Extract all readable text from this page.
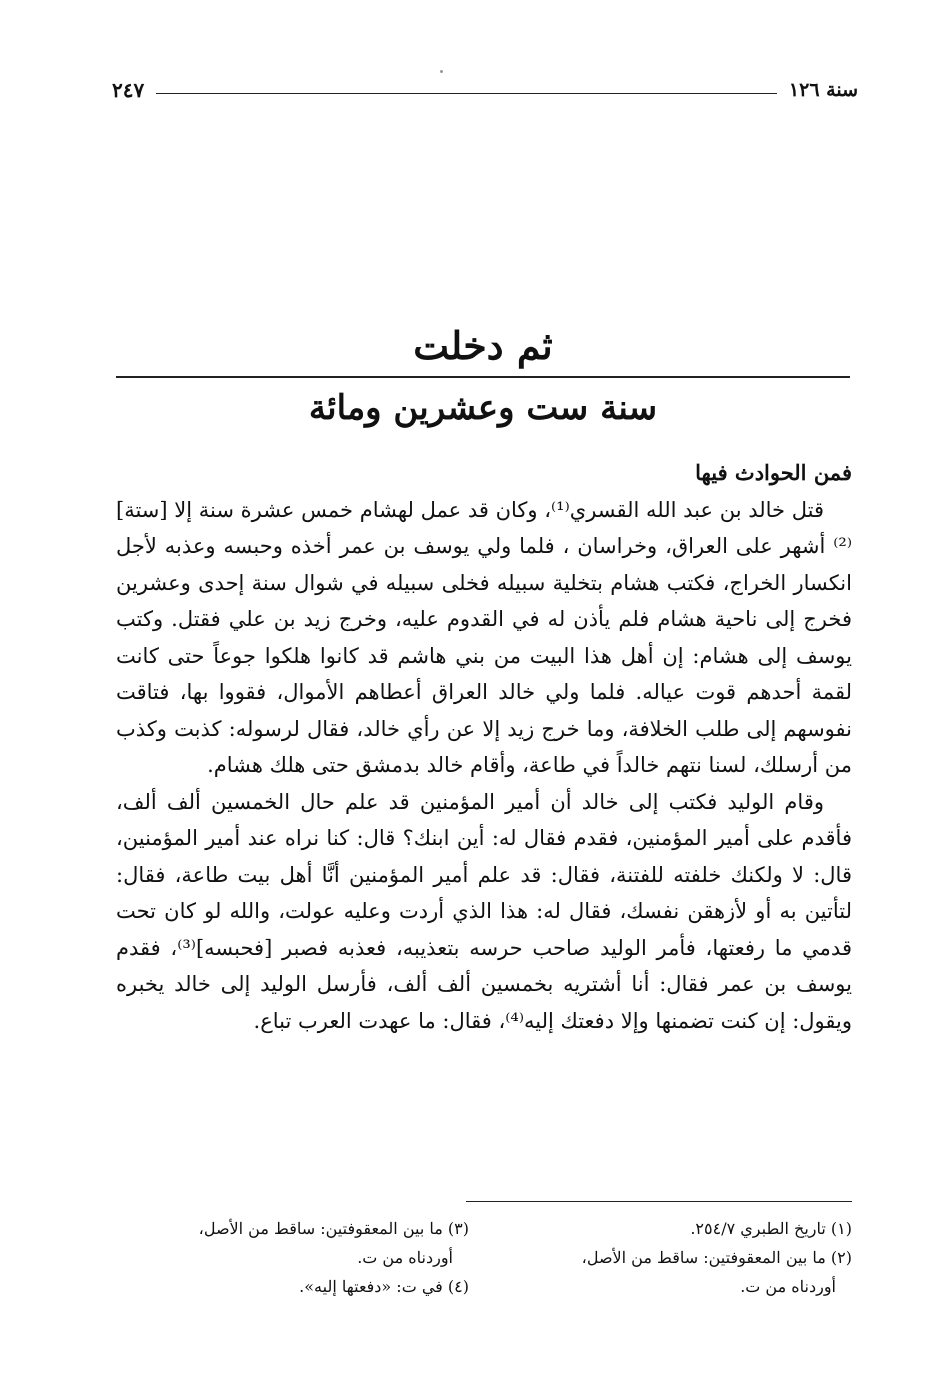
سنة ١٢٦
٢٤٧
ثم دخلت
سنة ست وعشرين ومائة

فمن الحوادث فيها

قتل خالد بن عبد الله القسري⁽¹⁾، وكان قد عمل لهشام خمس عشرة سنة إلا [ستة]⁽²⁾ أشهر على العراق، وخراسان ، فلما ولي يوسف بن عمر أخذه وحبسه وعذبه لأجل انكسار الخراج، فكتب هشام بتخلية سبيله فخلى سبيله في شوال سنة إحدى وعشرين فخرج إلى ناحية هشام فلم يأذن له في القدوم عليه، وخرج زيد بن علي فقتل. وكتب يوسف إلى هشام: إن أهل هذا البيت من بني هاشم قد كانوا هلكوا جوعاً حتى كانت لقمة أحدهم قوت عياله. فلما ولي خالد العراق أعطاهم الأموال، فقووا بها، فتاقت نفوسهم إلى طلب الخلافة، وما خرج زيد إلا عن رأي خالد، فقال لرسوله: كذبت وكذب من أرسلك، لسنا نتهم خالداً في طاعة، وأقام خالد بدمشق حتى هلك هشام.

وقام الوليد فكتب إلى خالد أن أمير المؤمنين قد علم حال الخمسين ألف ألف، فأقدم على أمير المؤمنين، فقدم فقال له: أين ابنك؟ قال: كنا نراه عند أمير المؤمنين، قال: لا ولكنك خلفته للفتنة، فقال: قد علم أمير المؤمنين أنَّا أهل بيت طاعة، فقال: لتأتين به أو لأزهقن نفسك، فقال له: هذا الذي أردت وعليه عولت، والله لو كان تحت قدمي ما رفعتها، فأمر الوليد صاحب حرسه بتعذيبه، فعذبه فصبر [فحبسه]⁽³⁾، فقدم يوسف بن عمر فقال: أنا أشتريه بخمسين ألف ألف، فأرسل الوليد إلى خالد يخبره ويقول: إن كنت تضمنها وإلا دفعتك إليه⁽⁴⁾، فقال: ما عهدت العرب تباع.

(١) تاريخ الطبري ٢٥٤/٧.

(٢) ما بين المعقوفتين: ساقط من الأصل،

أوردناه من ت.

(٣) ما بين المعقوفتين: ساقط من الأصل،

أوردناه من ت.

(٤) في ت: «دفعتها إليه».
